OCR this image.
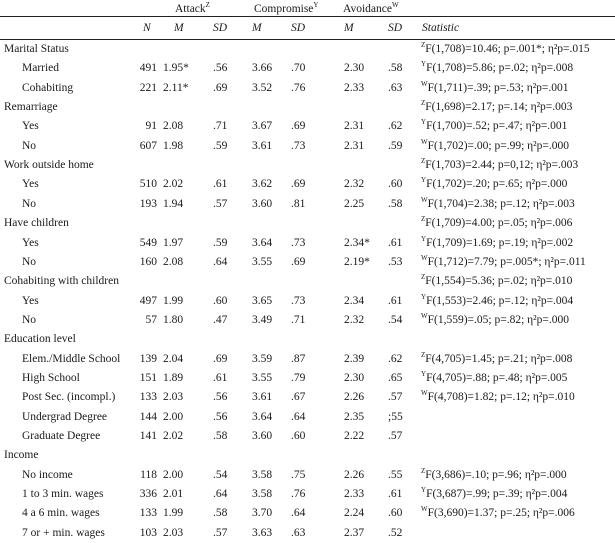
Attack$^Z$	Compromise$^Y$ Avoidance$^W$
N M	SD M	SD	M	SD Statistic
Marital Status	$^Z$F(1,708)=10.46; p=.001*; η²p=.015
Married	491 1.95* .56 3.66 .70	2.30 .58	$^Y$F(1,708)=5.86; p=.02; η²p=.008
Cohabiting	221 2.11* .69 3.52 .76	2.33 .63	$^W$F(1,711)=.39; p=.53; η²p=.001
Remarriage	$^Z$F(1,698)=2.17; p=.14; η²p=.003
Yes	91 2.08	.71 3.67 .69	2.31 .62	$^Y$F(1,700)=.52; p=.47; η²p=.001
No	607 1.98	.59 3.61 .73	2.31 .59	$^W$F(1,702)=.00; p=.99; η²p=.000
Work outside home	$^Z$F(1,703)=2.44; p=0,12; η²p=.003
Yes	510 2.02	.61 3.62 .69	2.32 .60	$^Y$F(1,702)=.20; p=.65; η²p=.000
No	193 1.94	.57 3.60 .81	2.25 .58	$^W$F(1,704)=2.38; p=.12; η²p=.003
Have children	$^Z$F(1,709)=4.00; p=.05; η²p=.006
Yes	549 1.97	.59 3.64 .73	2.34* .61	$^Y$F(1,709)=1.69; p=.19; η²p=.002
No	160 2.08	.64 3.55 .69	2.19* .53	$^W$F(1,712)=7.79; p=.005*; η²p=.011
Cohabiting with children	$^Z$F(1,554)=5.36; p=.02; η²p=.010
Yes	497 1.99	.60 3.65 .73	2.34 .61	$^Y$F(1,553)=2.46; p=.12; η²p=.004
No	57 1.80	.47 3.49 .71	2.32 .54	$^W$F(1,559)=.05; p=.82; η²p=.000
Education level
Elem./Middle School	139 2.04	.69 3.59 .87	2.39 .62	$^Z$F(4,705)=1.45; p=.21; η²p=.008
High School	151 1.89	.61 3.55 .79	2.30 .65	$^Y$F(4,705)=.88; p=.48; η²p=.005
Post Sec. (incompl.)	133 2.03	.56 3.61 .67	2.26 .57	$^W$F(4,708)=1.82; p=.12; η²p=.010
Undergrad Degree	144 2.00	.56 3.64 .64	2.35 ;55
Graduate Degree	141 2.02	.58 3.60 .60	2.22 .57
Income
No income	118 2.00	.54 3.58 .75	2.26 .55	$^Z$F(3,686)=.10; p=.96; η²p=.000
1 to 3 min. wages	336 2.01	.64 3.58 .76	2.33 .61	$^Y$F(3,687)=.99; p=.39; η²p=.004
4 a 6 min. wages	133 1.99	.58 3.70 .64	2.24 .60	$^W$F(3,690)=1.37; p=.25; η²p=.006
7 or + min. wages	103 2.03	.57 3.63 .63	2.37 .52
